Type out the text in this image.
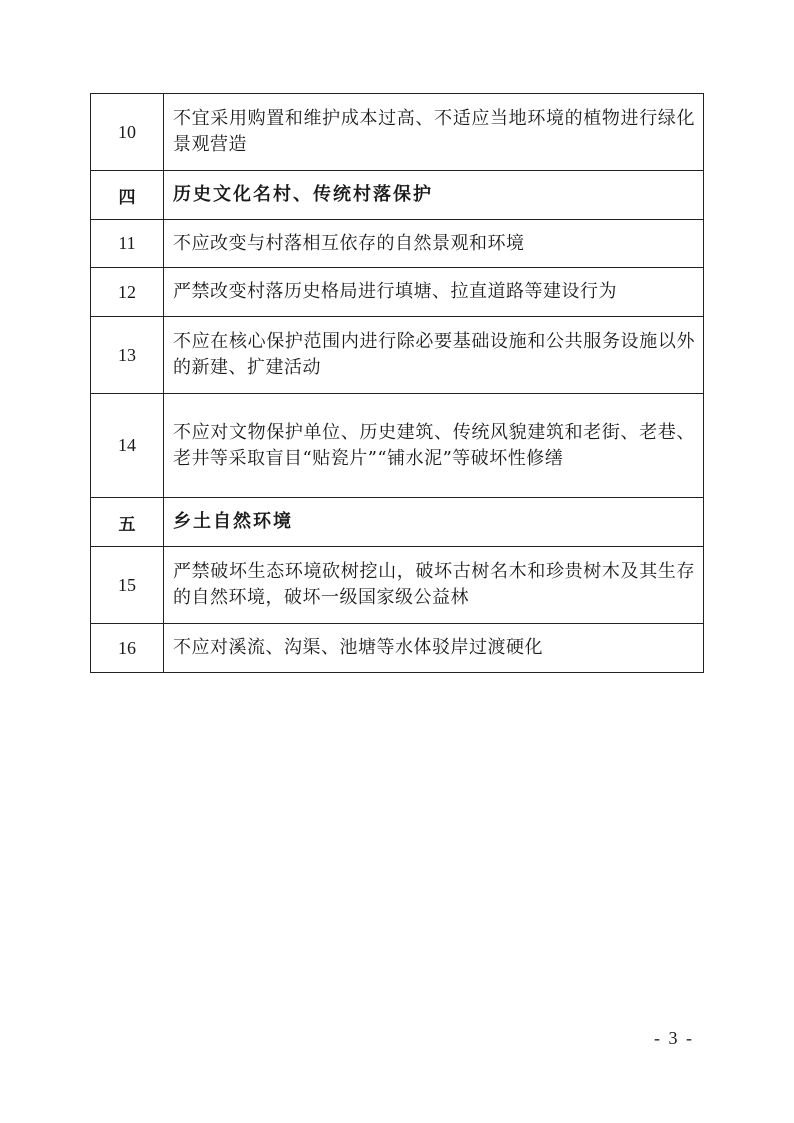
10	不宜采用购置和维护成本过高、不适应当地环境的植物进行绿化景观营造
四	历史文化名村、传统村落保护
11	不应改变与村落相互依存的自然景观和环境
12	严禁改变村落历史格局进行填塘、拉直道路等建设行为
13	不应在核心保护范围内进行除必要基础设施和公共服务设施以外的新建、扩建活动
14	不应对文物保护单位、历史建筑、传统风貌建筑和老街、老巷、老井等采取盲目“贴瓷片”“铺水泥”等破坏性修缮
五	乡土自然环境
15	严禁破坏生态环境砍树挖山，破坏古树名木和珍贵树木及其生存的自然环境，破坏一级国家级公益林
16	不应对溪流、沟渠、池塘等水体驳岸过渡硬化
- 3 -
